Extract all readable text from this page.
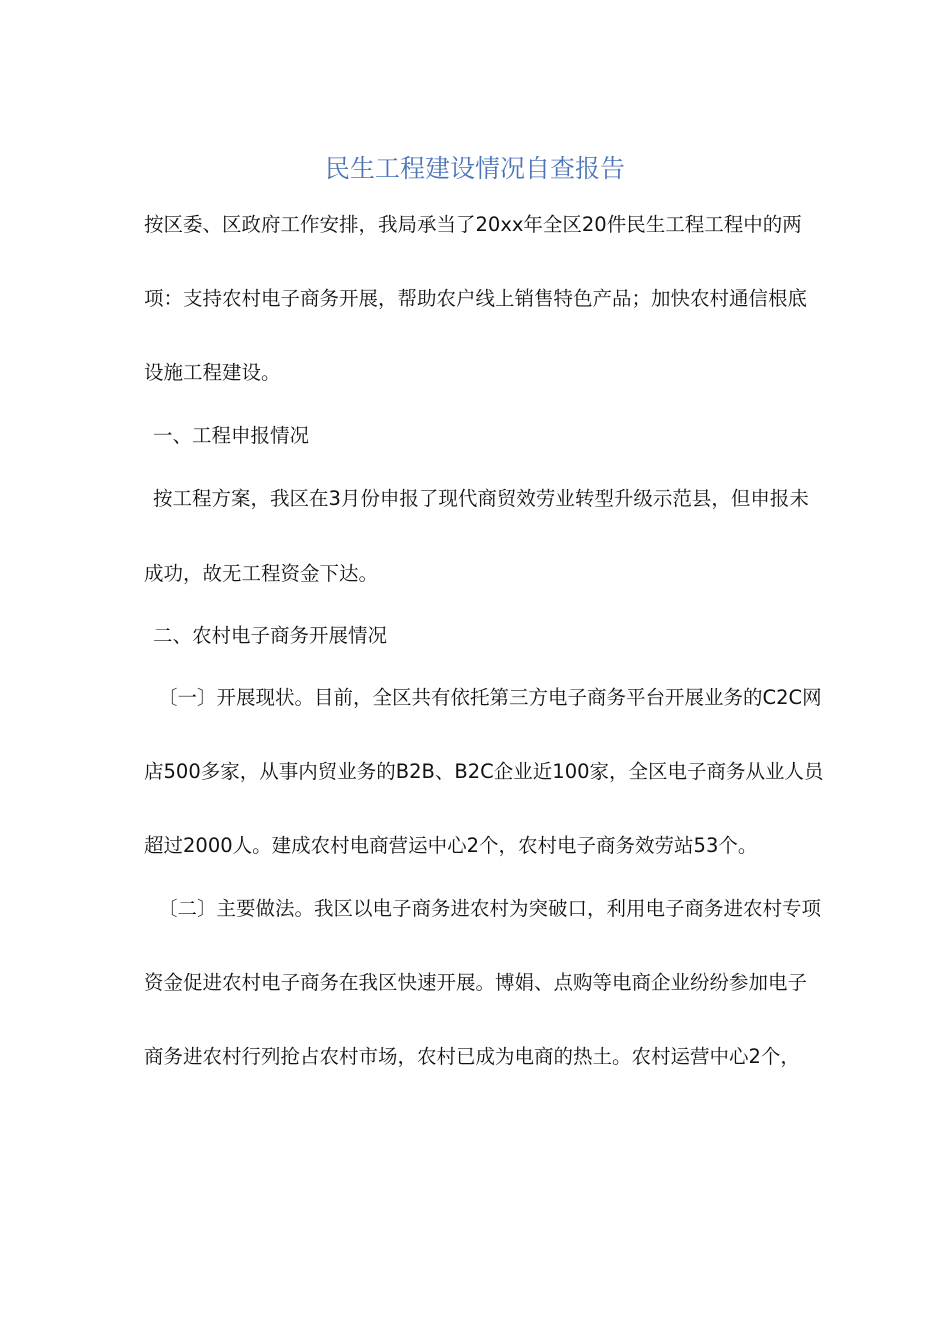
民生工程建设情况自查报告

按区委、区政府工作安排，我局承当了20xx年全区20件民生工程工程中的两

项：支持农村电子商务开展，帮助农户线上销售特色产品；加快农村通信根底

设施工程建设。

一、工程申报情况

按工程方案，我区在3月份申报了现代商贸效劳业转型升级示范县，但申报未

成功，故无工程资金下达。

二、农村电子商务开展情况

〔一〕开展现状。目前，全区共有依托第三方电子商务平台开展业务的C2C网

店500多家，从事内贸业务的B2B、B2C企业近100家，全区电子商务从业人员

超过2000人。建成农村电商营运中心2个，农村电子商务效劳站53个。

〔二〕主要做法。我区以电子商务进农村为突破口，利用电子商务进农村专项

资金促进农村电子商务在我区快速开展。博娟、点购等电商企业纷纷参加电子

商务进农村行列抢占农村市场，农村已成为电商的热土。农村运营中心2个，
